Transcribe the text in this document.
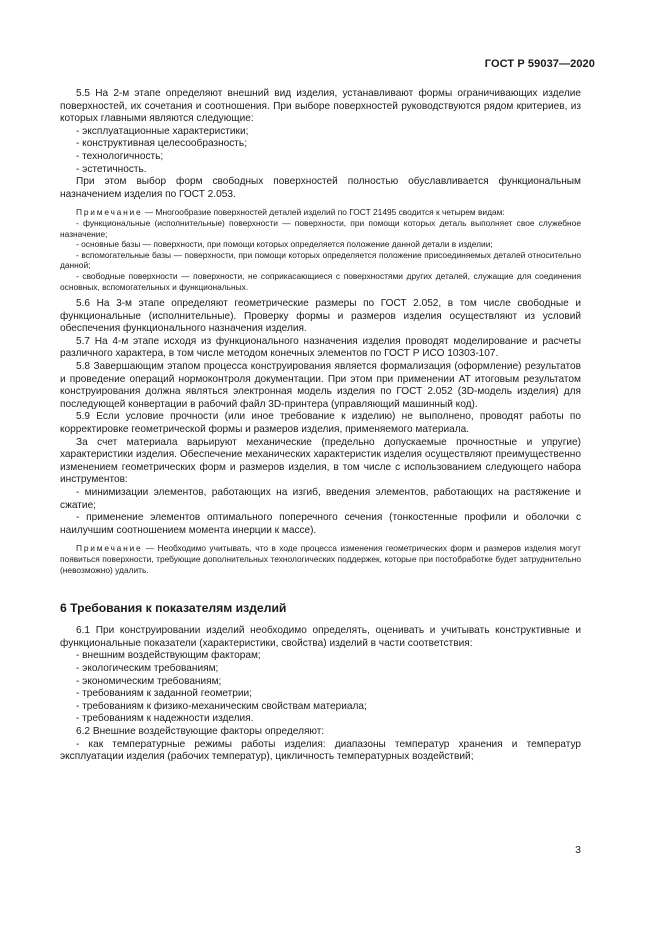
ГОСТ Р 59037—2020

5.5 На 2-м этапе определяют внешний вид изделия, устанавливают формы ограничивающих изделие поверхностей, их сочетания и соотношения. При выборе поверхностей руководствуются рядом критериев, из которых главными являются следующие:

- эксплуатационные характеристики;

- конструктивная целесообразность;

- технологичность;

- эстетичность.

При этом выбор форм свободных поверхностей полностью обуславливается функциональным назначением изделия по ГОСТ 2.053.

Примечание — Многообразие поверхностей деталей изделий по ГОСТ 21495 сводится к четырем видам:

- функциональные (исполнительные) поверхности — поверхности, при помощи которых деталь выполняет свое служебное назначение;

- основные базы — поверхности, при помощи которых определяется положение данной детали в изделии;

- вспомогательные базы — поверхности, при помощи которых определяется положение присоединяемых деталей относительно данной;

- свободные поверхности — поверхности, не соприкасающиеся с поверхностями других деталей, служащие для соединения основных, вспомогательных и функциональных.

5.6 На 3-м этапе определяют геометрические размеры по ГОСТ 2.052, в том числе свободные и функциональные (исполнительные). Проверку формы и размеров изделия осуществляют из условий обеспечения функционального назначения изделия.

5.7 На 4-м этапе исходя из функционального назначения изделия проводят моделирование и расчеты различного характера, в том числе методом конечных элементов по ГОСТ Р ИСО 10303-107.

5.8 Завершающим этапом процесса конструирования является формализация (оформление) результатов и проведение операций нормоконтроля документации. При этом при применении АТ итоговым результатом конструирования должна являться электронная модель изделия по ГОСТ 2.052 (3D-модель изделия) для последующей конвертации в рабочий файл 3D-принтера (управляющий машинный код).

5.9 Если условие прочности (или иное требование к изделию) не выполнено, проводят работы по корректировке геометрической формы и размеров изделия, применяемого материала.

За счет материала варьируют механические (предельно допускаемые прочностные и упругие) характеристики изделия. Обеспечение механических характеристик изделия осуществляют преимущественно изменением геометрических форм и размеров изделия, в том числе с использованием следующего набора инструментов:

- минимизации элементов, работающих на изгиб, введения элементов, работающих на растяжение и сжатие;

- применение элементов оптимального поперечного сечения (тонкостенные профили и оболочки с наилучшим соотношением момента инерции к массе).

Примечание — Необходимо учитывать, что в ходе процесса изменения геометрических форм и размеров изделия могут появиться поверхности, требующие дополнительных технологических поддержек, которые при постобработке будет затруднительно (невозможно) удалить.

6 Требования к показателям изделий

6.1 При конструировании изделий необходимо определять, оценивать и учитывать конструктивные и функциональные показатели (характеристики, свойства) изделий в части соответствия:

- внешним воздействующим факторам;

- экологическим требованиям;

- экономическим требованиям;

- требованиям к заданной геометрии;

- требованиям к физико-механическим свойствам материала;

- требованиям к надежности изделия.

6.2 Внешние воздействующие факторы определяют:

- как температурные режимы работы изделия: диапазоны температур хранения и температур эксплуатации изделия (рабочих температур), цикличность температурных воздействий;

3
